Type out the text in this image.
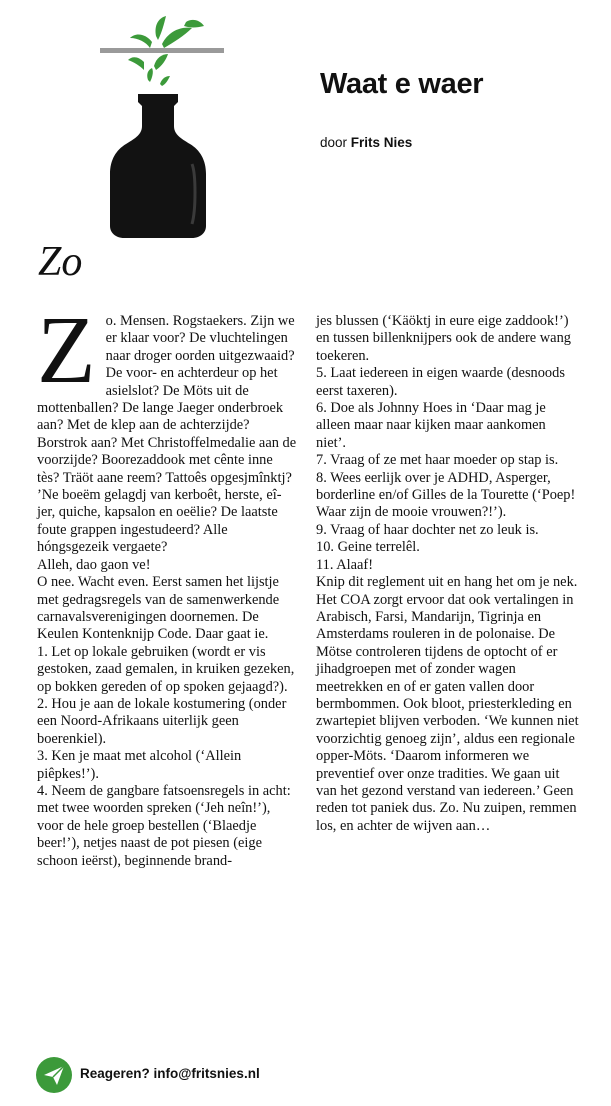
Waat e waer
door Frits Nies
Zo
Z o. Mensen. Rogstaekers. Zijn we er klaar voor? De vluchtelingen naar droger oorden uitgezwaaid? De voor- en achterdeur op het asielslot? De Möts uit de mottenballen? De lange Jaeger onderbroek aan? Met de klep aan de achterzijde? Borstrok aan? Met Christoffelmedalie aan de voorzijde? Boorezaddook met cênte inne tès? Träöt aane reem? Tattoês opgesjmînktj? ’Ne boeëm gelagdj van kerboêt, herste, eî-jer, quiche, kapsalon en oeëlie? De laatste foute grappen ingestudeerd? Alle hóngsgezeik vergaete?

Alleh, dao gaon ve!

O nee. Wacht even. Eerst samen het lijstje met gedragsregels van de samenwerkende carnavalsverenigingen doornemen. De Keulen Kontenknijp Code. Daar gaat ie.

1. Let op lokale gebruiken (wordt er vis gestoken, zaad gemalen, in kruiken gezeken, op bokken gereden of op spoken gejaagd?).

2. Hou je aan de lokale kostumering (onder een Noord-Afrikaans uiterlijk geen boerenkiel).

3. Ken je maat met alcohol (‘Allein piêpkes!’).

4. Neem de gangbare fatsoensregels in acht: met twee woorden spreken (‘Jeh neîn!’), voor de hele groep bestellen (‘Blaedje beer!’), netjes naast de pot piesen (eige schoon ieërst), beginnende brand-

jes blussen (‘Käöktj in eure eige zaddook!’) en tussen billenknijpers ook de andere wang toekeren.

5. Laat iedereen in eigen waarde (desnoods eerst taxeren).

6. Doe als Johnny Hoes in ‘Daar mag je alleen maar naar kijken maar aankomen niet’.

7. Vraag of ze met haar moeder op stap is.

8. Wees eerlijk over je ADHD, Asperger, borderline en/of Gilles de la Tourette (‘Poep! Waar zijn de mooie vrouwen?!’).

9. Vraag of haar dochter net zo leuk is.

10. Geine terrelêl.

11. Alaaf!

Knip dit reglement uit en hang het om je nek. Het COA zorgt ervoor dat ook vertalingen in Arabisch, Farsi, Mandarijn, Tigrinja en Amsterdams rouleren in de polonaise. De Mötse controleren tijdens de optocht of er jihadgroepen met of zonder wagen meetrekken en of er gaten vallen door bermbommen. Ook bloot, priesterkleding en zwartepiet blijven verboden. ‘We kunnen niet voorzichtig genoeg zijn’, aldus een regionale opper-Möts. ‘Daarom informeren we preventief over onze tradities. We gaan uit van het gezond verstand van iedereen.’ Geen reden tot paniek dus. Zo. Nu zuipen, remmen los, en achter de wijven aan…

Reageren? info@fritsnies.nl
